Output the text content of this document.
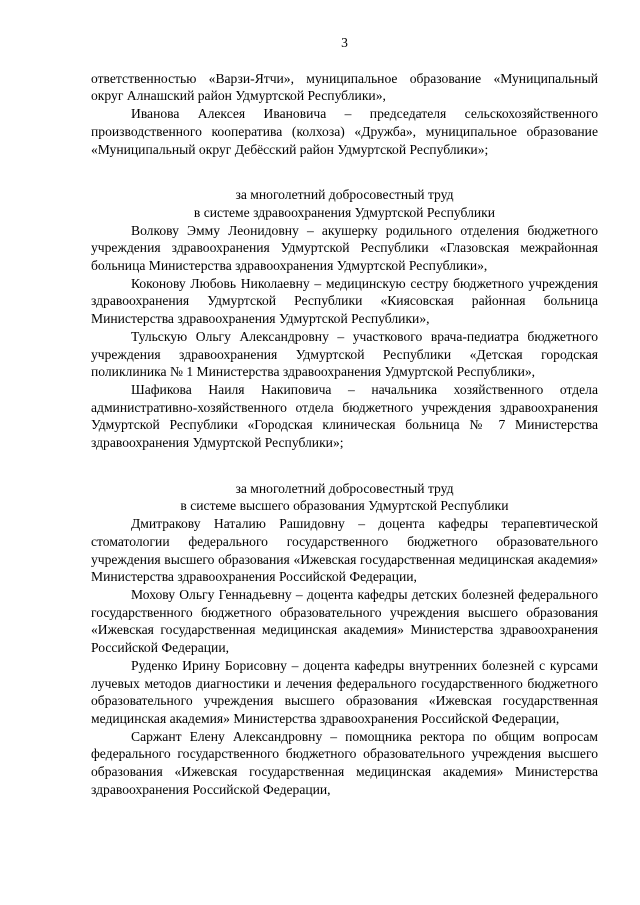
3

ответственностью «Варзи-Ятчи», муниципальное образование «Муниципальный округ Алнашский район Удмуртской Республики»,

Иванова Алексея Ивановича – председателя сельскохозяйственного производственного кооператива (колхоза) «Дружба», муниципальное образование «Муниципальный округ Дебёсский район Удмуртской Республики»;

за многолетний добросовестный труд
в системе здравоохранения Удмуртской Республики

Волкову Эмму Леонидовну – акушерку родильного отделения бюджетного учреждения здравоохранения Удмуртской Республики «Глазовская межрайонная больница Министерства здравоохранения Удмуртской Республики»,

Коконову Любовь Николаевну – медицинскую сестру бюджетного учреждения здравоохранения Удмуртской Республики «Киясовская районная больница Министерства здравоохранения Удмуртской Республики»,

Тульскую Ольгу Александровну – участкового врача-педиатра бюджетного учреждения здравоохранения Удмуртской Республики «Детская городская поликлиника № 1 Министерства здравоохранения Удмуртской Республики»,

Шафикова Наиля Накиповича – начальника хозяйственного отдела административно-хозяйственного отдела бюджетного учреждения здравоохранения Удмуртской Республики «Городская клиническая больница № 7 Министерства здравоохранения Удмуртской Республики»;

за многолетний добросовестный труд
в системе высшего образования Удмуртской Республики

Дмитракову Наталию Рашидовну – доцента кафедры терапевтической стоматологии федерального государственного бюджетного образовательного учреждения высшего образования «Ижевская государственная медицинская академия» Министерства здравоохранения Российской Федерации,

Мохову Ольгу Геннадьевну – доцента кафедры детских болезней федерального государственного бюджетного образовательного учреждения высшего образования «Ижевская государственная медицинская академия» Министерства здравоохранения Российской Федерации,

Руденко Ирину Борисовну – доцента кафедры внутренних болезней с курсами лучевых методов диагностики и лечения федерального государственного бюджетного образовательного учреждения высшего образования «Ижевская государственная медицинская академия» Министерства здравоохранения Российской Федерации,

Саржант Елену Александровну – помощника ректора по общим вопросам федерального государственного бюджетного образовательного учреждения высшего образования «Ижевская государственная медицинская академия» Министерства здравоохранения Российской Федерации,
